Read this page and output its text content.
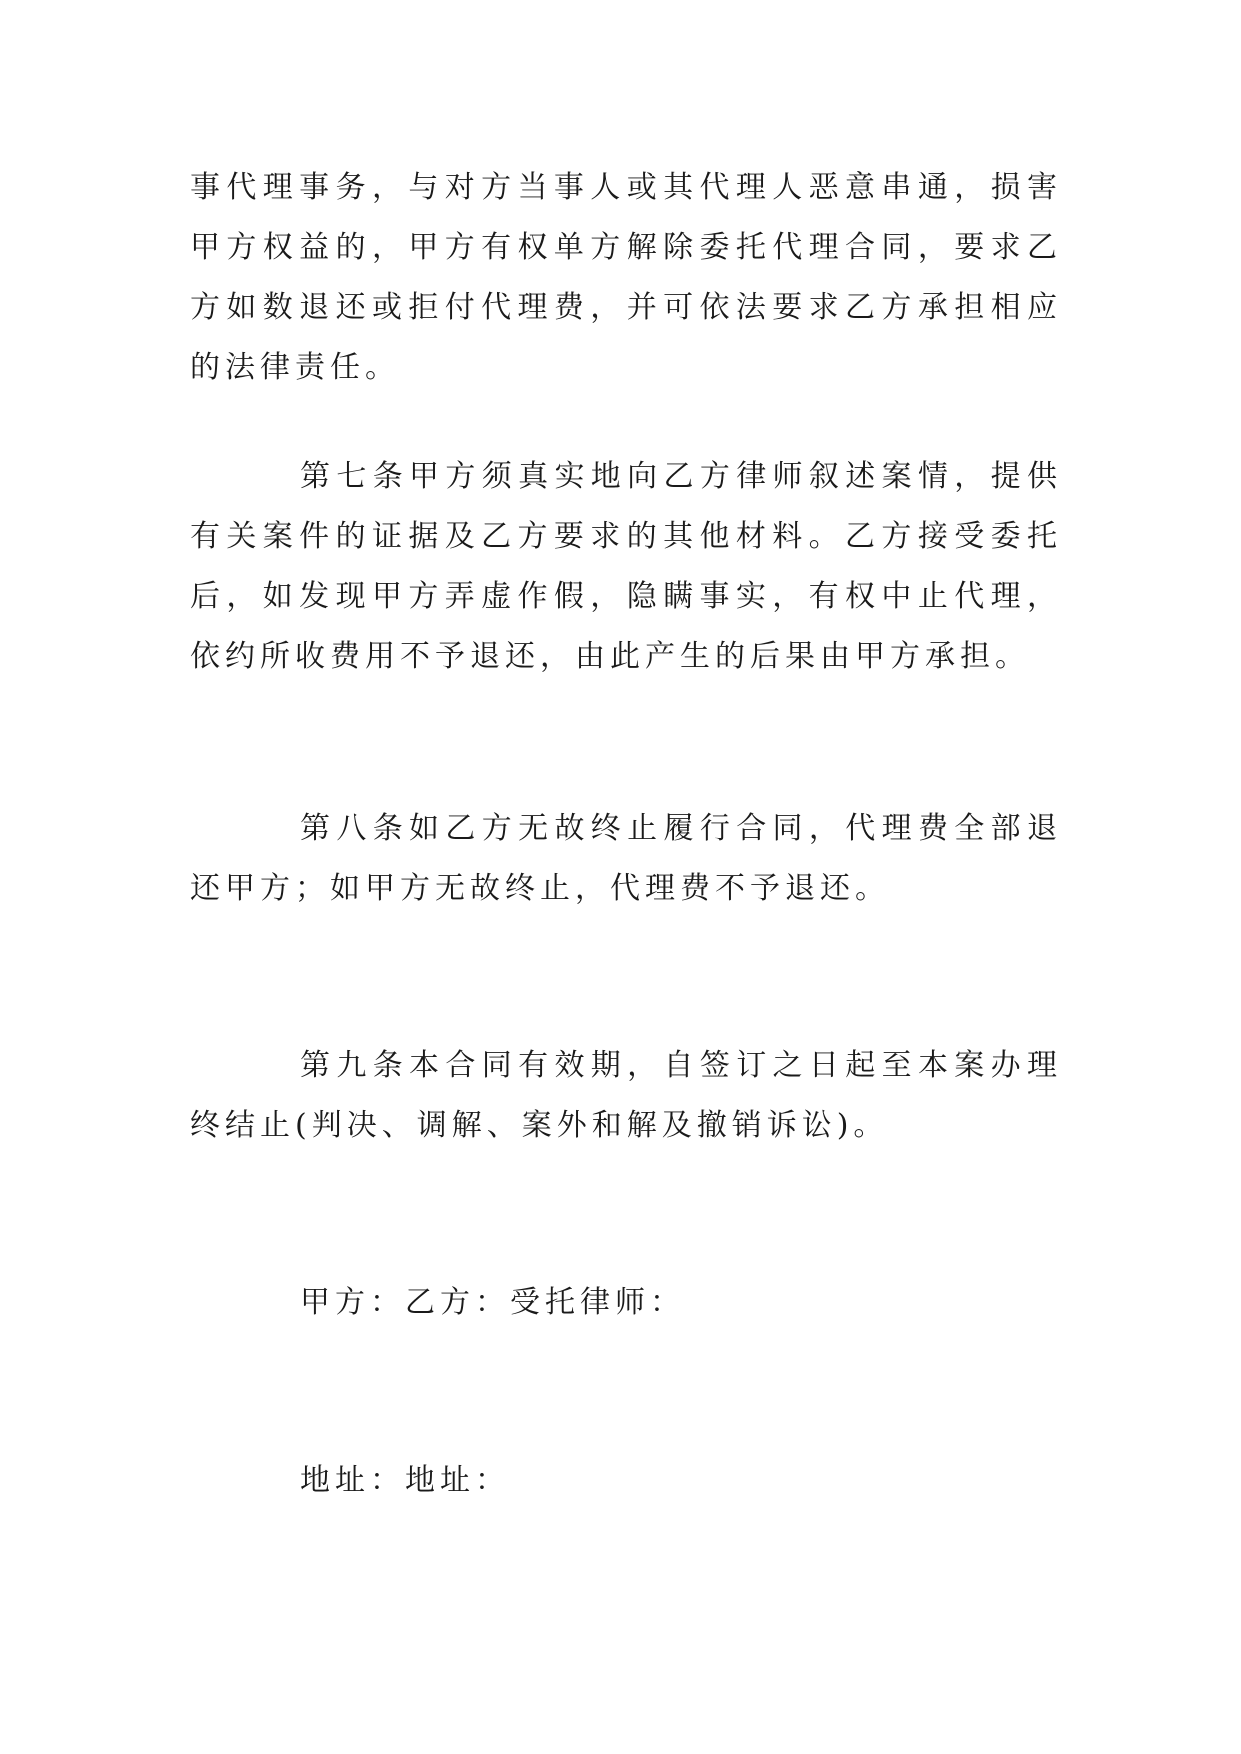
事代理事务，与对方当事人或其代理人恶意串通，损害甲方权益的，甲方有权单方解除委托代理合同，要求乙方如数退还或拒付代理费，并可依法要求乙方承担相应的法律责任。

第七条甲方须真实地向乙方律师叙述案情，提供有关案件的证据及乙方要求的其他材料。乙方接受委托后，如发现甲方弄虚作假，隐瞒事实，有权中止代理，依约所收费用不予退还，由此产生的后果由甲方承担。

第八条如乙方无故终止履行合同，代理费全部退还甲方；如甲方无故终止，代理费不予退还。

第九条本合同有效期，自签订之日起至本案办理终结止(判决、调解、案外和解及撤销诉讼)。

甲方：乙方：受托律师：

地址：地址：
